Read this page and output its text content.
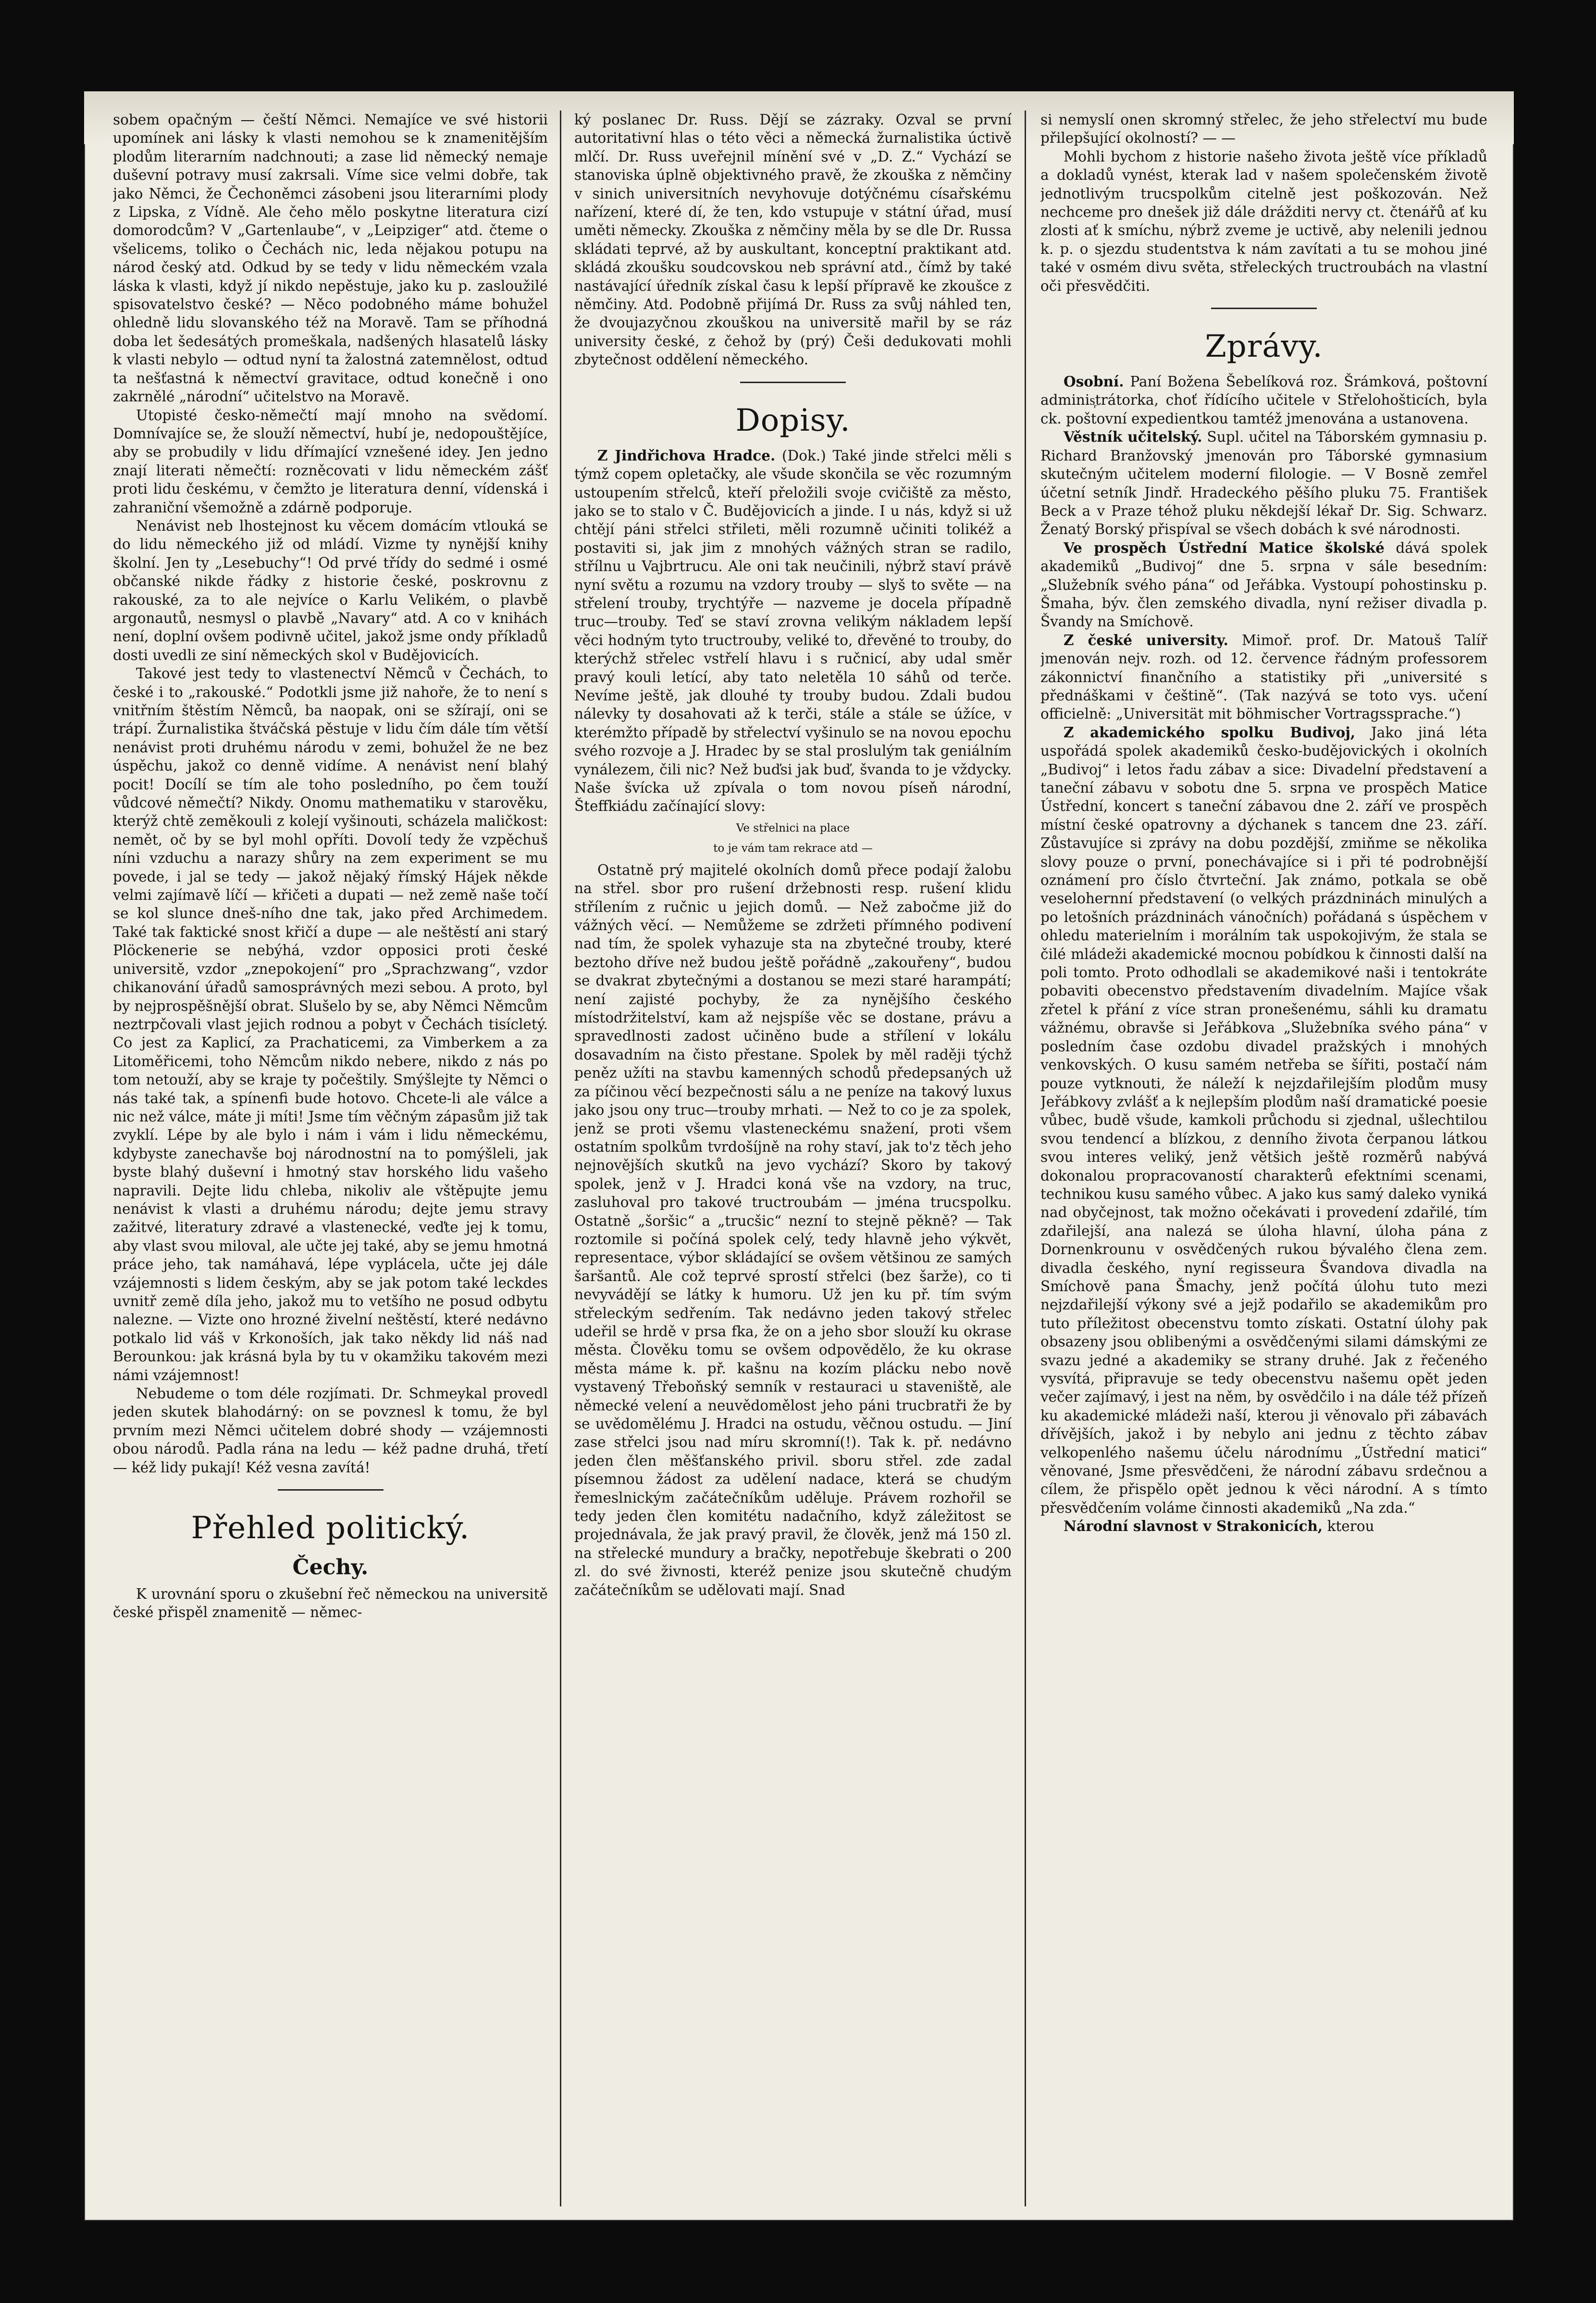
sobem opačným — čeští Němci. Nemajíce ve své historii upomínek ani lásky k vlasti nemohou se k znamenitějším plodům literarním nadchnouti; a zase lid německý nemaje duševní potravy musí zakrsali. Víme sice velmi dobře, tak jako Němci, že Čechoněmci zásobeni jsou literarními plody z Lipska, z Vídně. Ale čeho mělo poskytne literatura cizí domorodcům? V „Gartenlaube“, v „Leipziger“ atd. čteme o všelicems, toliko o Čechách nic, leda nějakou potupu na národ český atd. Odkud by se tedy v lidu německém vzala láska k vlasti, když jí nikdo nepěstuje, jako ku p. zasloužilé spisovatelstvo české? — Něco podobného máme bohužel ohledně lidu slovanského též na Moravě. Tam se příhodná doba let šedesátých promeškala, nadšených hlasatelů lásky k vlasti nebylo — odtud nyní ta žalostná zatemnělost, odtud ta nešťastná k němectví gravitace, odtud konečně i ono zakrnělé „národní“ učitelstvo na Moravě.

Utopisté česko-němečtí mají mnoho na svědomí. Domnívajíce se, že slouží němectví, hubí je, nedopouštějíce, aby se probudily v lidu dřímající vznešené idey. Jen jedno znají literati němečtí: rozněcovati v lidu německém zášť proti lidu českému, v čemžto je literatura denní, vídenská i zahraniční všemožně a zdárně podporuje.

Nenávist neb lhostejnost ku věcem domácím vtlouká se do lidu německého již od mládí. Vizme ty nynější knihy školní. Jen ty „Lesebuchy“! Od prvé třídy do sedmé i osmé občanské nikde řádky z historie české, poskrovnu z rakouské, za to ale nejvíce o Karlu Velikém, o plavbě argonautů, nesmysl o plavbě „Navary“ atd. A co v knihách není, doplní ovšem podivně učitel, jakož jsme ondy příkladů dosti uvedli ze siní německých skol v Budějovicích.

Takové jest tedy to vlastenectví Němců v Čechách, to české i to „rakouské.“ Podotkli jsme již nahoře, že to není s vnitřním štěstím Němců, ba naopak, oni se sžírají, oni se trápí. Žurnalistika štváčská pěstuje v lidu čím dále tím větší nenávist proti druhému národu v zemi, bohužel že ne bez úspěchu, jakož co denně vidíme. A nenávist není blahý pocit! Docílí se tím ale toho posledního, po čem touží vůdcové němečtí? Nikdy. Onomu mathematiku v starověku, kterýž chtě zeměkouli z kolejí vyšinouti, scházela maličkost: nemět, oč by se byl mohl opříti. Dovolí tedy že vzpěchuš níni vzduchu a narazy shůry na zem experiment se mu povede, i jal se tedy — jakož nějaký římský Hájek někde velmi zajímavě líčí — křičeti a dupati — než země naše točí se kol slunce dneš-ního dne tak, jako před Archimedem. Také tak faktické snost křičí a dupe — ale neštěstí ani starý Plöckenerie se nebýhá, vzdor opposici proti české universitě, vzdor „znepokojení“ pro „Sprachzwang“, vzdor chikanování úřadů samosprávných mezi sebou. A proto, byl by nejprospěšnější obrat. Slušelo by se, aby Němci Němcům neztrpčovali vlast jejich rodnou a pobyt v Čechách tisícletý. Co jest za Kaplicí, za Prachaticemi, za Vimberkem a za Litoměřicemi, toho Němcům nikdo nebere, nikdo z nás po tom netouží, aby se kraje ty počeštily. Smýšlejte ty Němci o nás také tak, a spínenfi bude hotovo. Chcete-li ale válce a nic než válce, máte ji míti! Jsme tím věčným zápasům již tak zvyklí. Lépe by ale bylo i nám i vám i lidu německému, kdybyste zanechavše boj národnostní na to pomýšleli, jak byste blahý duševní i hmotný stav horského lidu vašeho napravili. Dejte lidu chleba, nikoliv ale vštěpujte jemu nenávist k vlasti a druhému národu; dejte jemu stravy zažitvé, literatury zdravé a vlastenecké, veďte jej k tomu, aby vlast svou miloval, ale učte jej také, aby se jemu hmotná práce jeho, tak namáhavá, lépe vyplácela, učte jej dále vzájemnosti s lidem českým, aby se jak potom také leckdes uvnitř země díla jeho, jakož mu to vetšího ne posud odbytu nalezne. — Vizte ono hrozné živelní neštěstí, které nedávno potkalo lid váš v Krkonoších, jak tako někdy lid náš nad Berounkou: jak krásná byla by tu v okamžiku takovém mezi námi vzájemnost!

Nebudeme o tom déle rozjímati. Dr. Schmeykal provedl jeden skutek blahodárný: on se povznesl k tomu, že byl prvním mezi Němci učitelem dobré shody — vzájemnosti obou národů. Padla rána na ledu — kéž padne druhá, třetí — kéž lidy pukají! Kéž vesna zavítá!

Přehled politický.
Čechy.

K urovnání sporu o zkušební řeč německou na universitě české přispěl znamenitě — němec-

ký poslanec Dr. Russ. Dějí se zázraky. Ozval se první autoritativní hlas o této věci a německá žurnalistika úctivě mlčí. Dr. Russ uveřejnil mínění své v „D. Z.“ Vychází se stanoviska úplně objektivného pravě, že zkouška z němčiny v sinich universitních nevyhovuje dotýčnému císařskému nařízení, které dí, že ten, kdo vstupuje v státní úřad, musí uměti německy. Zkouška z němčiny měla by se dle Dr. Russa skládati teprvé, až by auskultant, konceptní praktikant atd. skládá zkoušku soudcovskou neb správní atd., čímž by také nastávající úředník získal času k lepší přípravě ke zkoušce z němčiny. Atd. Podobně přijímá Dr. Russ za svůj náhled ten, že dvoujazyčnou zkouškou na universitě mařil by se ráz university české, z čehož by (prý) Češi dedukovati mohli zbytečnost oddělení německého.

Dopisy.

Z Jindřichova Hradce. (Dok.) Také jinde střelci měli s týmž copem opletačky, ale všude skončila se věc rozumným ustoupením střelců, kteří přeložili svoje cvičiště za město, jako se to stalo v Č. Budějovicích a jinde. I u nás, když si už chtějí páni střelci střileti, měli rozumně učiniti tolikéž a postaviti si, jak jim z mnohých vážných stran se radilo, střílnu u Vajbrtrucu. Ale oni tak neučinili, nýbrž staví právě nyní světu a rozumu na vzdory trouby — slyš to světe — na střelení trouby, trychtýře — nazveme je docela případně truc—trouby. Teď se staví zrovna velikým nákladem lepší věci hodným tyto tructrouby, veliké to, dřevěné to trouby, do kterýchž střelec vstřelí hlavu i s ručnicí, aby udal směr pravý kouli letící, aby tato neletěla 10 sáhů od terče. Nevíme ještě, jak dlouhé ty trouby budou. Zdali budou nálevky ty dosahovati až k terči, stále a stále se úžíce, v kterémžto případě by střelectví vyšinulo se na novou epochu svého rozvoje a J. Hradec by se stal proslulým tak geniálním vynálezem, čili nic? Než buďsi jak buď, švanda to je vždycky. Naše švícka už zpívala o tom novou píseň národní, Šteffkiádu začínající slovy:

Ve střelnici na place

to je vám tam rekrace atd —

Ostatně prý majitelé okolních domů přece podají žalobu na střel. sbor pro rušení držebnosti resp. rušení klidu střílením z ručnic u jejich domů. — Než zabočme již do vážných věcí. — Nemůžeme se zdržeti přímného podivení nad tím, že spolek vyhazuje sta na zbytečné trouby, které beztoho dříve než budou ještě pořádně „zakouřeny“, budou se dvakrat zbytečnými a dostanou se mezi staré harampátí; není zajisté pochyby, že za nynějšího českého místodržitelství, kam až nejspíše věc se dostane, právu a spravedlnosti zadost učiněno bude a střílení v lokálu dosavadním na čisto přestane. Spolek by měl raději týchž peněz užíti na stavbu kamenných schodů předepsaných už za píčinou věcí bezpečnosti sálu a ne peníze na takový luxus jako jsou ony truc—trouby mrhati. — Než to co je za spolek, jenž se proti všemu vlasteneckému snažení, proti všem ostatním spolkům tvrdošíjně na rohy staví, jak to'z těch jeho nejnovějších skutků na jevo vychází? Skoro by takový spolek, jenž v J. Hradci koná vše na vzdory, na truc, zasluhoval pro takové tructroubám — jména trucspolku. Ostatně „šoršic“ a „trucšic“ nezní to stejně pěkně? — Tak roztomile si počíná spolek celý, tedy hlavně jeho výkvět, representace, výbor skládající se ovšem většinou ze samých šaršantů. Ale což teprvé sprostí střelci (bez šarže), co ti nevyvádějí se látky k humoru. Už jen ku př. tím svým střeleckým sedřením. Tak nedávno jeden takový střelec udeřil se hrdě v prsa fka, že on a jeho sbor slouží ku okrase města. Člověku tomu se ovšem odpovědělo, že ku okrase města máme k. př. kašnu na kozím plácku nebo nově vystavený Třeboňský semník v restauraci u staveniště, ale německé velení a neuvědomělost jeho páni trucbratři že by se uvědomělému J. Hradci na ostudu, věčnou ostudu. — Jiní zase střelci jsou nad míru skromní(!). Tak k. př. nedávno jeden člen měšťanského privil. sboru střel. zde zadal písemnou žádost za udělení nadace, která se chudým řemeslnickým začátečníkům uděluje. Právem rozhořil se tedy jeden člen komitétu nadačního, když záležitost se projednávala, že jak pravý pravil, že člověk, jenž má 150 zl. na střelecké mundury a bračky, nepotřebuje škebrati o 200 zl. do své živnosti, kteréž penize jsou skutečně chudým začátečníkům se udělovati mají. Snad

si nemyslí onen skromný střelec, že jeho střelectví mu bude přilepšující okolností? — —

Mohli bychom z historie našeho života ještě více příkladů a dokladů vynést, kterak lad v našem společenském životě jednotlivým trucspolkům citelně jest poškozován. Než nechceme pro dnešek již dále drážditi nervy ct. čtenářů ať ku zlosti ať k smíchu, nýbrž zveme je uctivě, aby nelenili jednou k. p. o sjezdu studentstva k nám zavítati a tu se mohou jiné také v osmém divu světa, střeleckých tructroubách na vlastní oči přesvědčiti.

Zprávy.

Osobní. Paní Božena Šebelíková roz. Šrámková, poštovní adminis᷊trátorka, choť řídícího učitele v Střelohošticích, byla ck. poštovní expedientkou tamtéž jmenována a ustanovena.

Věstník učitelský. Supl. učitel na Táborském gymnasiu p. Richard Branžovský jmenován pro Táborské gymnasium skutečným učitelem moderní filologie. — V Bosně zemřel účetní setník Jindř. Hradeckého pěšího pluku 75. František Beck a v Praze téhož pluku někdejší lékař Dr. Sig. Schwarz. Ženatý Borský přispíval se všech dobách k své národnosti.

Ve prospěch Ústřední Matice školské dává spolek akademiků „Budivoj“ dne 5. srpna v sále besedním: „Služebník svého pána“ od Jeřábka. Vystoupí pohostinsku p. Šmaha, býv. člen zemského divadla, nyní režiser divadla p. Švandy na Smíchově.

Z české university. Mimoř. prof. Dr. Matouš Talíř jmenován nejv. rozh. od 12. července řádným professorem zákonnictví finančního a statistiky při „université s přednáškami v češtině“. (Tak nazývá se toto vys. učení officielně: „Universität mit böhmischer Vortragssprache.“)

Z akademického spolku Budivoj, Jako jiná léta uspořádá spolek akademiků česko-budějovických i okolních „Budivoj“ i letos řadu zábav a sice: Divadelní představení a taneční zábavu v sobotu dne 5. srpna ve prospěch Matice Ústřední, koncert s taneční zábavou dne 2. září ve prospěch místní české opatrovny a dýchanek s tancem dne 23. září. Zůstavujíce si zprávy na dobu pozdější, zmiňme se několika slovy pouze o první, ponechávajíce si i při té podrobnější oznámení pro číslo čtvrteční. Jak známo, potkala se obě veselohernní představení (o velkých prázdninách minulých a po letošních prázdninách vánočních) pořádaná s úspěchem v ohledu materielním i morálním tak uspokojivým, že stala se čilé mládeži akademické mocnou pobídkou k činnosti další na poli tomto. Proto odhodlali se akademikové naši i tentokráte pobaviti obecenstvo představením divadelním. Majíce však zřetel k přání z více stran pronešenému, sáhli ku dramatu vážnému, obravše si Jeřábkova „Služebníka svého pána“ v posledním čase ozdobu divadel pražských i mnohých venkovských. O kusu samém netřeba se šířiti, postačí nám pouze vytknouti, že náleží k nejzdařilejším plodům musy Jeřábkovy zvlášť a k nejlepším plodům naší dramatické poesie vůbec, budě všude, kamkoli průchodu si zjednal, ušlechtilou svou tendencí a blízkou, z denního života čerpanou látkou svou interes veliký, jenž většich ještě rozměrů nabývá dokonalou propracovaností charakterů efektními scenami, technikou kusu samého vůbec. A jako kus samý daleko vyniká nad obyčejnost, tak možno očekávati i provedení zdařilé, tím zdařilejší, ana nalezá se úloha hlavní, úloha pána z Dornenkrounu v osvědčených rukou bývalého člena zem. divadla českého, nyní regisseura Švandova divadla na Smíchově pana Šmachy, jenž počítá úlohu tuto mezi nejzdařilejší výkony své a jejž podařilo se akademikům pro tuto příležitost obecenstvu tomto získati. Ostatní úlohy pak obsazeny jsou oblibenými a osvědčenými silami dámskými ze svazu jedné a akademiky se strany druhé. Jak z řečeného vysvítá, připravuje se tedy obecenstvu našemu opět jeden večer zajímavý, i jest na něm, by osvědčilo i na dále též přízeň ku akademické mládeži naší, kterou ji věnovalo při zábavách dřívějších, jakož i by nebylo ani jednu z těchto zábav velkopenlého našemu účelu národnímu „Ústřední matici“ věnované, Jsme přesvědčeni, že národní zábavu srdečnou a cílem, že přispělo opět jednou k věci národní. A s tímto přesvědčením voláme činnosti akademiků „Na zda.“

Národní slavnost v Strakonicích, kterou
